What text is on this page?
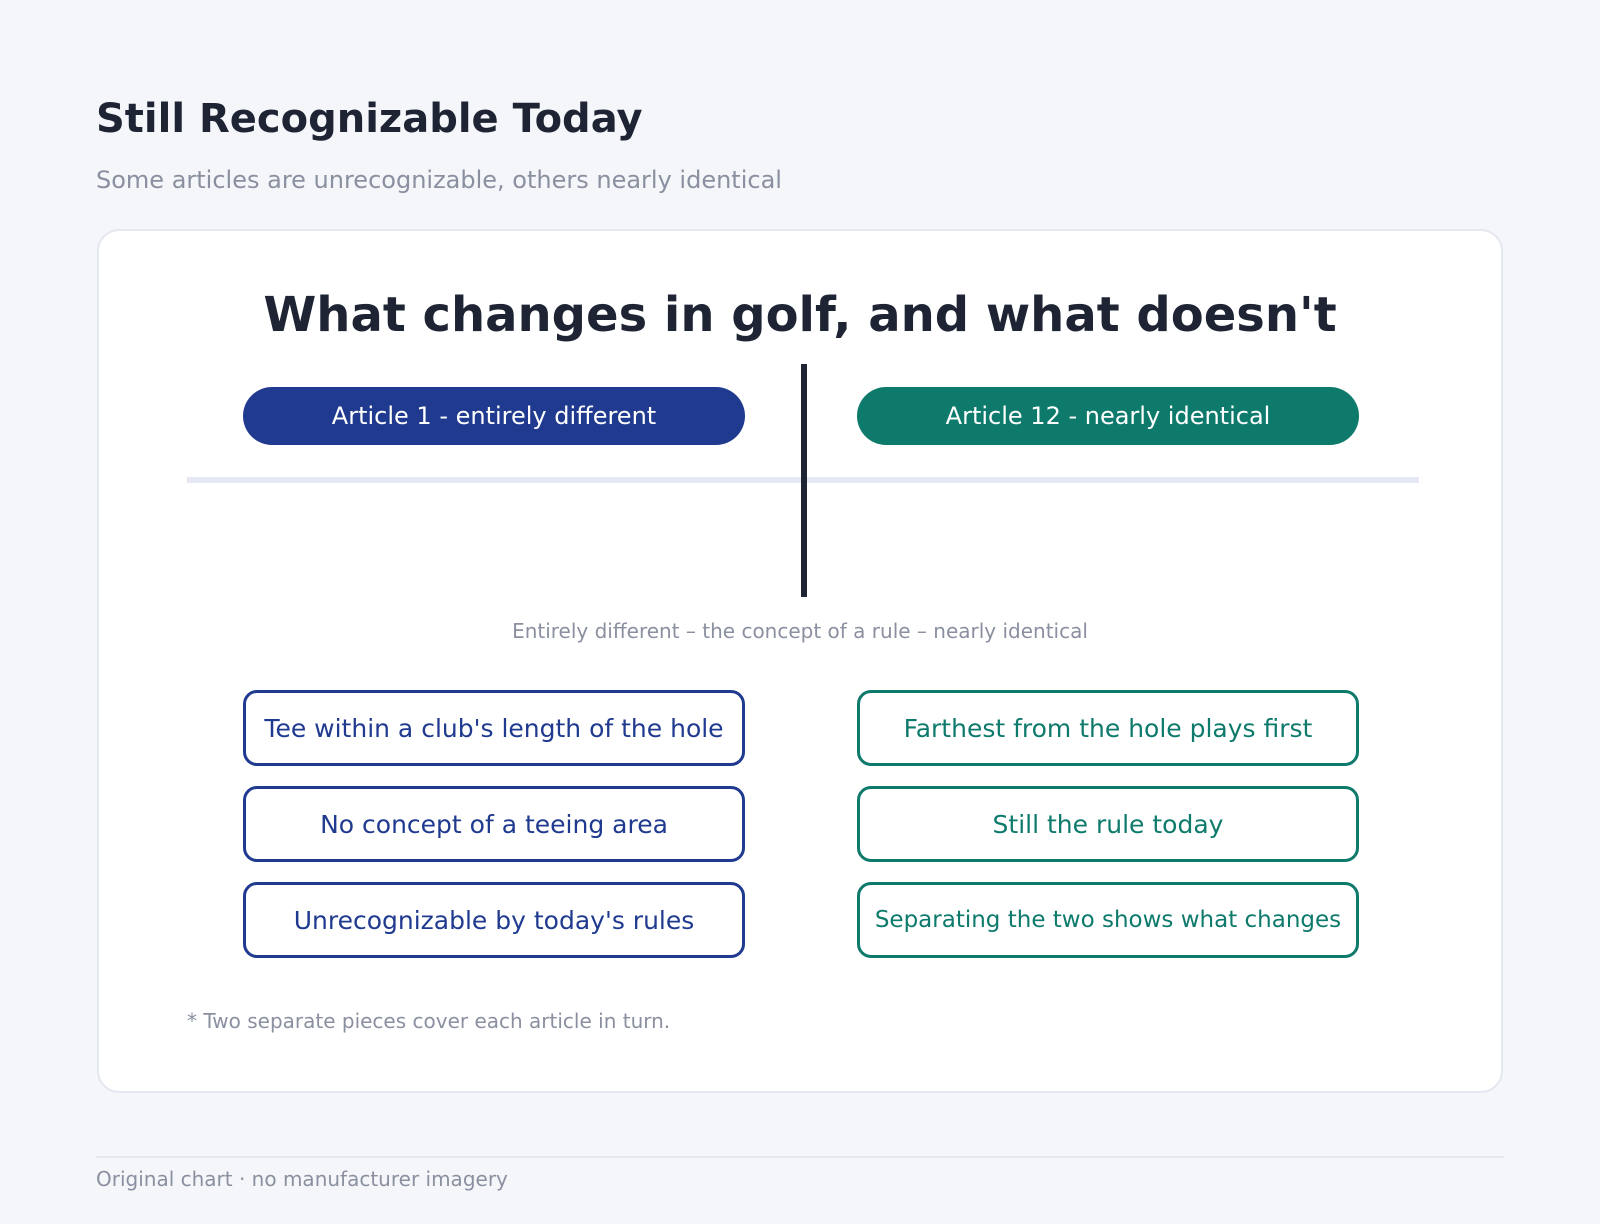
Still Recognizable Today
Some articles are unrecognizable, others nearly identical
What changes in golf, and what doesn't
Article 1 - entirely different	Article 12 - nearly identical
Entirely different – the concept of a rule – nearly identical
Tee within a club's length of the hole
No concept of a teeing area
Unrecognizable by today's rules
Farthest from the hole plays first
Still the rule today
Separating the two shows what changes
* Two separate pieces cover each article in turn.
Original chart · no manufacturer imagery
